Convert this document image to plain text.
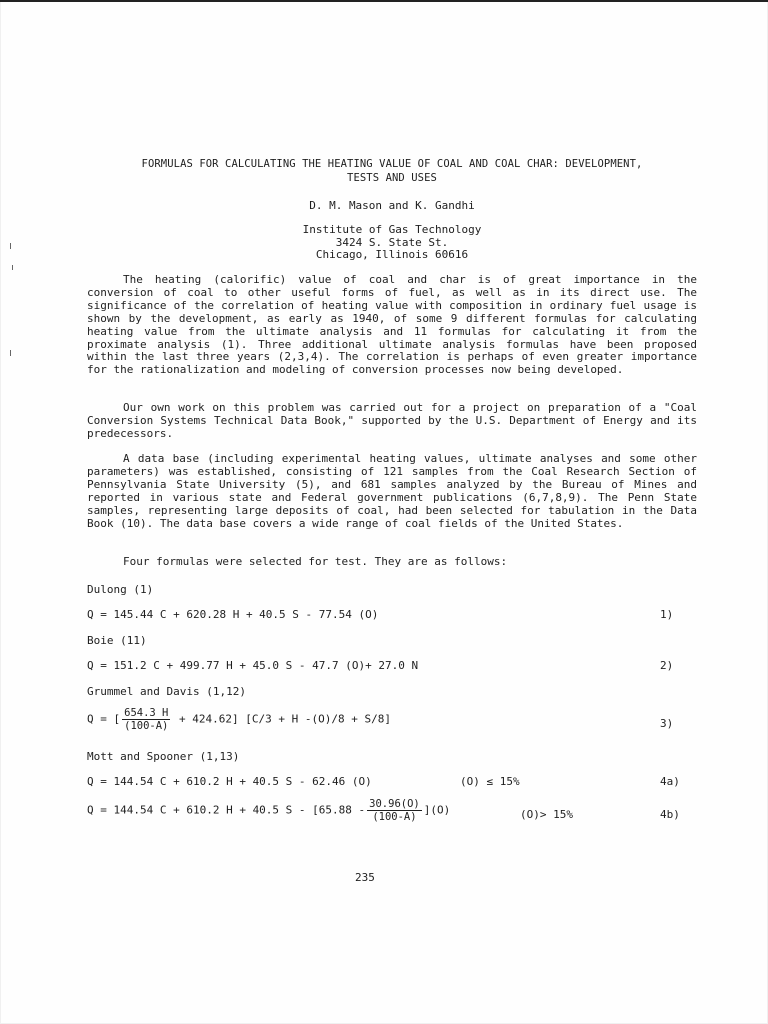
FORMULAS FOR CALCULATING THE HEATING VALUE OF COAL AND COAL CHAR: DEVELOPMENT,
TESTS AND USES
D. M. Mason and K. Gandhi
Institute of Gas Technology
3424 S. State St.
Chicago, Illinois 60616
The heating (calorific) value of coal and char is of great importance in the conversion of coal to other useful forms of fuel, as well as in its direct use. The significance of the correlation of heating value with composition in ordinary fuel usage is shown by the development, as early as 1940, of some 9 different formulas for calculating heating value from the ultimate analysis and 11 formulas for calculating it from the proximate analysis (1). Three additional ultimate analysis formulas have been proposed within the last three years (2,3,4). The correlation is perhaps of even greater importance for the rationalization and modeling of conversion processes now being developed.
Our own work on this problem was carried out for a project on preparation of a "Coal Conversion Systems Technical Data Book," supported by the U.S. Department of Energy and its predecessors.
A data base (including experimental heating values, ultimate analyses and some other parameters) was established, consisting of 121 samples from the Coal Research Section of Pennsylvania State University (5), and 681 samples analyzed by the Bureau of Mines and reported in various state and Federal government publications (6,7,8,9). The Penn State samples, representing large deposits of coal, had been selected for tabulation in the Data Book (10). The data base covers a wide range of coal fields of the United States.
Four formulas were selected for test. They are as follows:
Dulong (1)
Q = 145.44 C + 620.28 H + 40.5 S - 77.54 (O)	1)
Boie (11)
Q = 151.2 C + 499.77 H + 45.0 S - 47.7 (O)+ 27.0 N	2)
Grummel and Davis (1,12)
Q = [ $\frac{654.3 H}{(100-A)} + 424.62$] [C/3 + H -(O)/8 + S/8]	3)
Mott and Spooner (1,13)
Q = 144.54 C + 610.2 H + 40.5 S - 62.46 (O)	(O) ≤ 15%	4a)
Q = 144.54 C + 610.2 H + 40.5 S - $[65.88 - \frac{30.96(O)}{(100-A)} ](O)$	(O)> 15%	4b)
235
